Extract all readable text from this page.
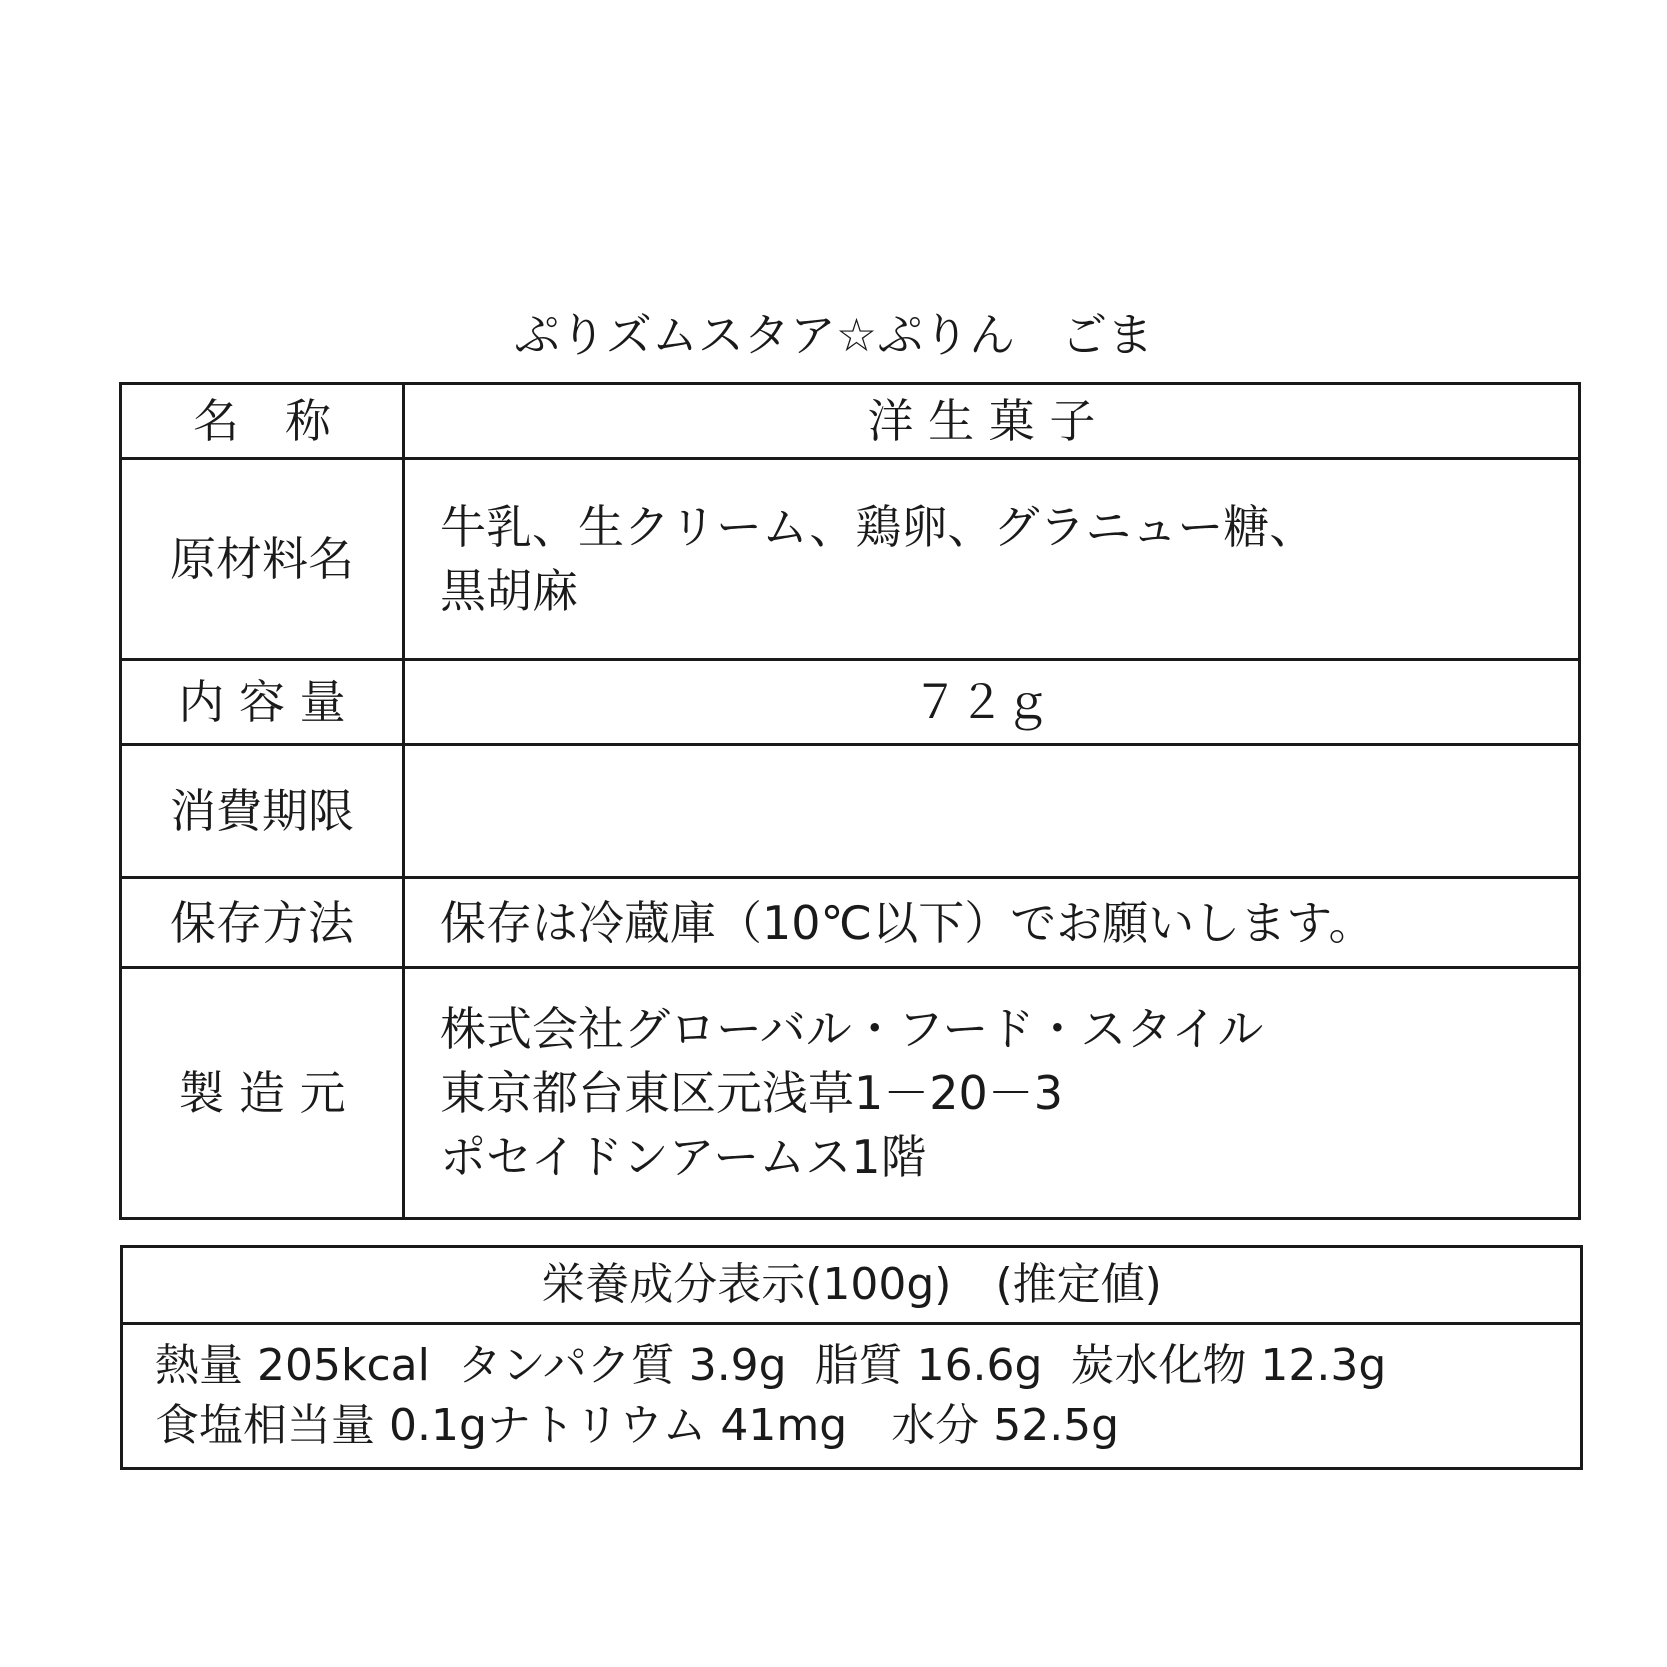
ぷりズムスタア☆ぷりん　ごま
名　称	洋 生 菓 子
原材料名	牛乳、生クリーム、鶏卵、グラニュー糖、
黒胡麻

内 容 量	７２ｇ
消費期限	
保存方法	保存は冷蔵庫（10℃以下）でお願いします。

製 造 元	株式会社グローバル・フード・スタイル
東京都台東区元浅草1－20－3
ポセイドンアームス1階
栄養成分表示(100g)　(推定値)

熱量 205kcal  タンパク質 3.9g  脂質 16.6g  炭水化物 12.3g
食塩相当量 0.1gナトリウム 41mg　水分 52.5g
